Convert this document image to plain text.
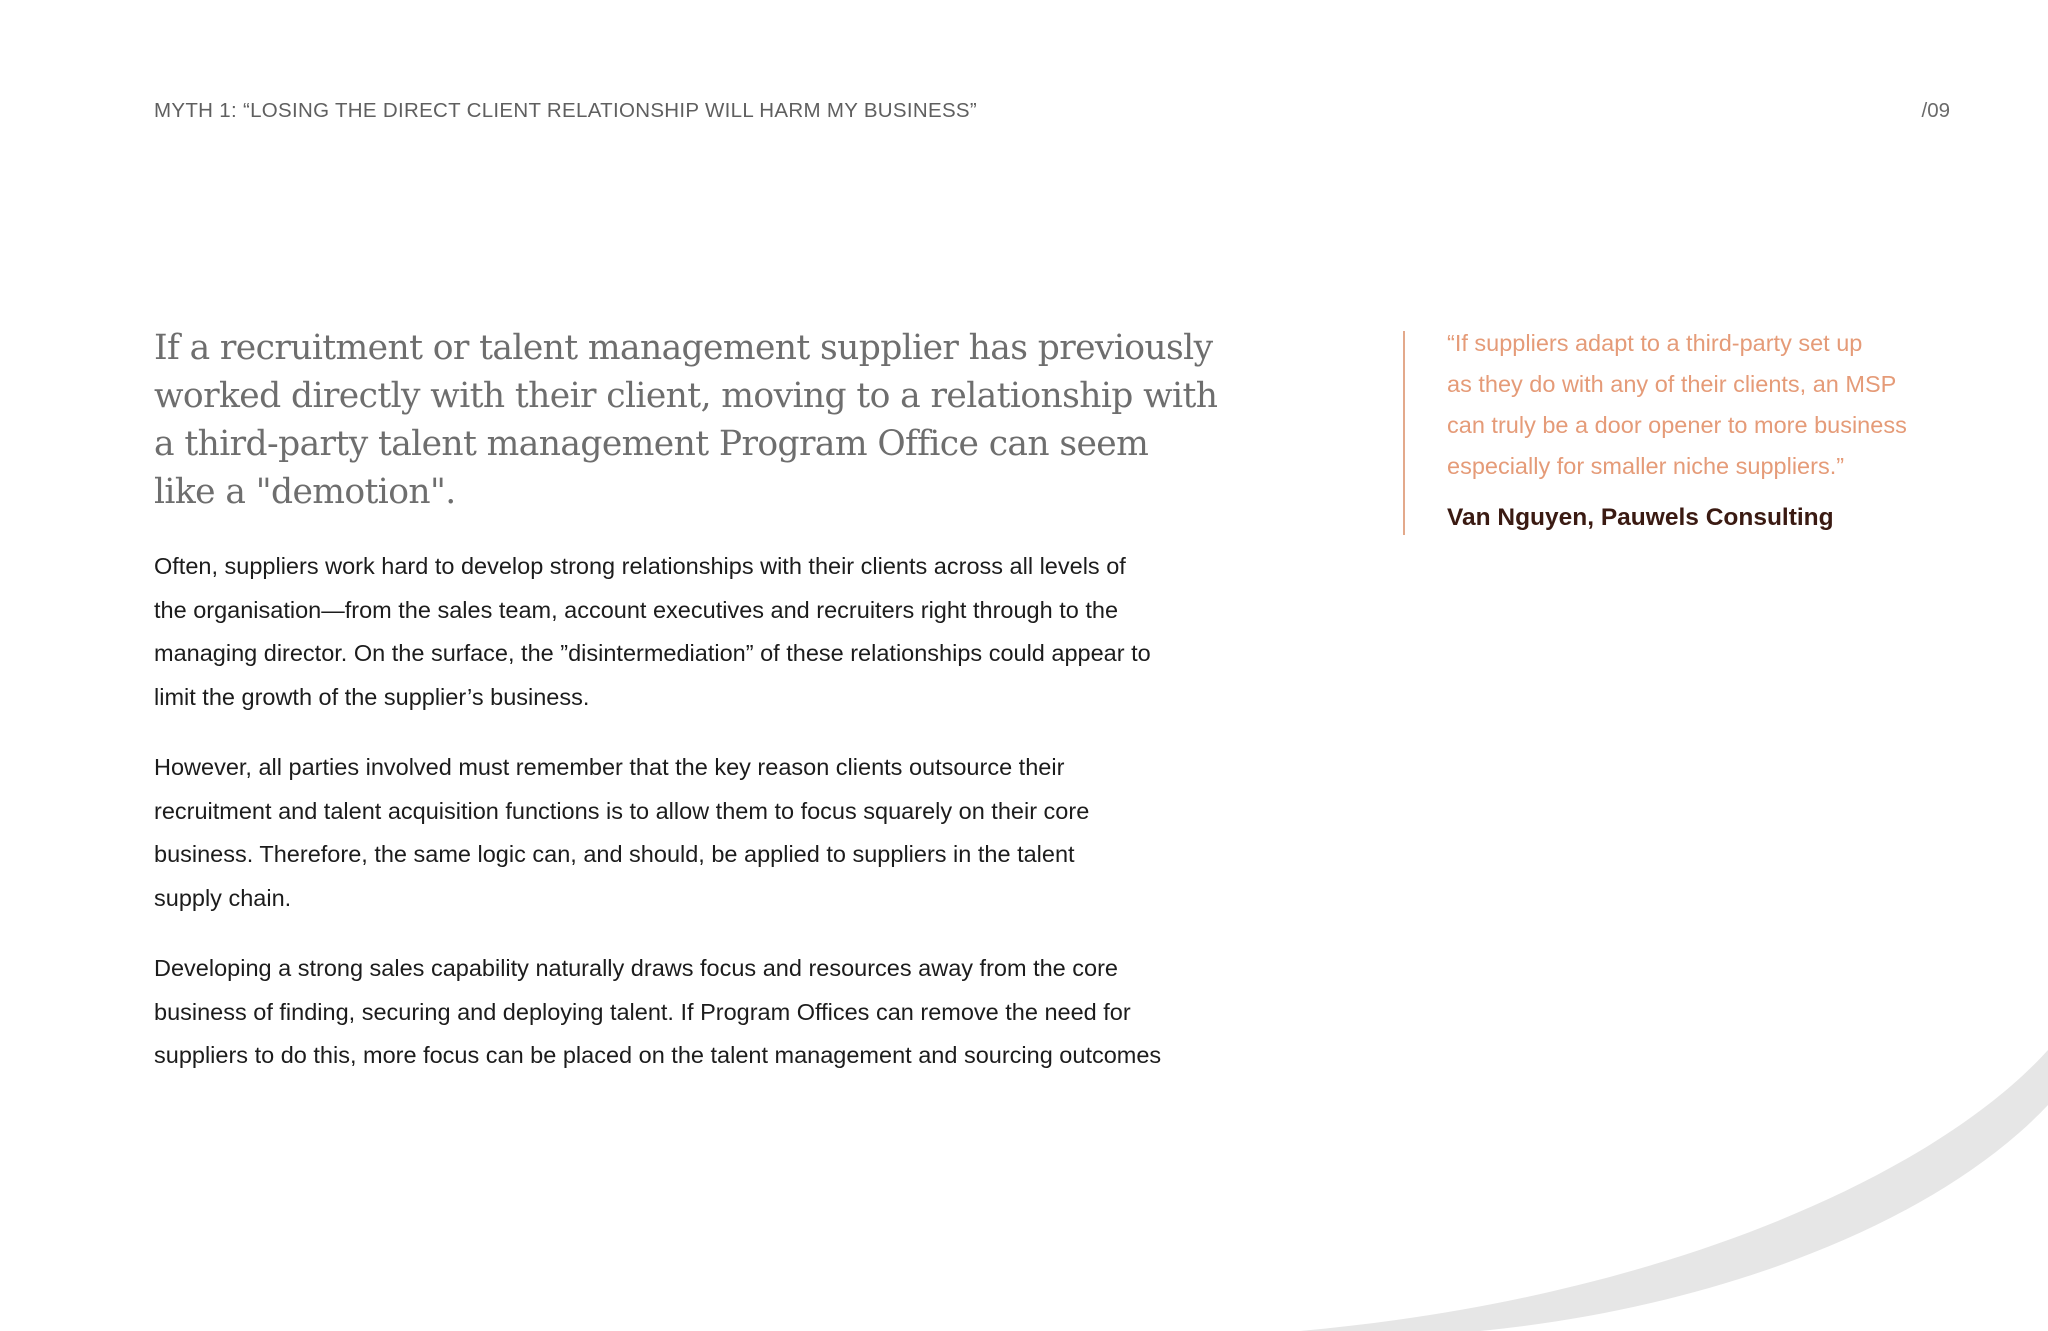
MYTH 1: “LOSING THE DIRECT CLIENT RELATIONSHIP WILL HARM MY BUSINESS”	/09
If a recruitment or talent management supplier has previously
worked directly with their client, moving to a relationship with
a third-party talent management Program Office can seem
like a "demotion".
Often, suppliers work hard to develop strong relationships with their clients across all levels of
the organisation—from the sales team, account executives and recruiters right through to the
managing director. On the surface, the ”disintermediation” of these relationships could appear to
limit the growth of the supplier’s business.
However, all parties involved must remember that the key reason clients outsource their
recruitment and talent acquisition functions is to allow them to focus squarely on their core
business. Therefore, the same logic can, and should, be applied to suppliers in the talent
supply chain.
Developing a strong sales capability naturally draws focus and resources away from the core
business of finding, securing and deploying talent. If Program Offices can remove the need for
suppliers to do this, more focus can be placed on the talent management and sourcing outcomes
“If suppliers adapt to a third-party set up
as they do with any of their clients, an MSP
can truly be a door opener to more business
especially for smaller niche suppliers.”
Van Nguyen, Pauwels Consulting
